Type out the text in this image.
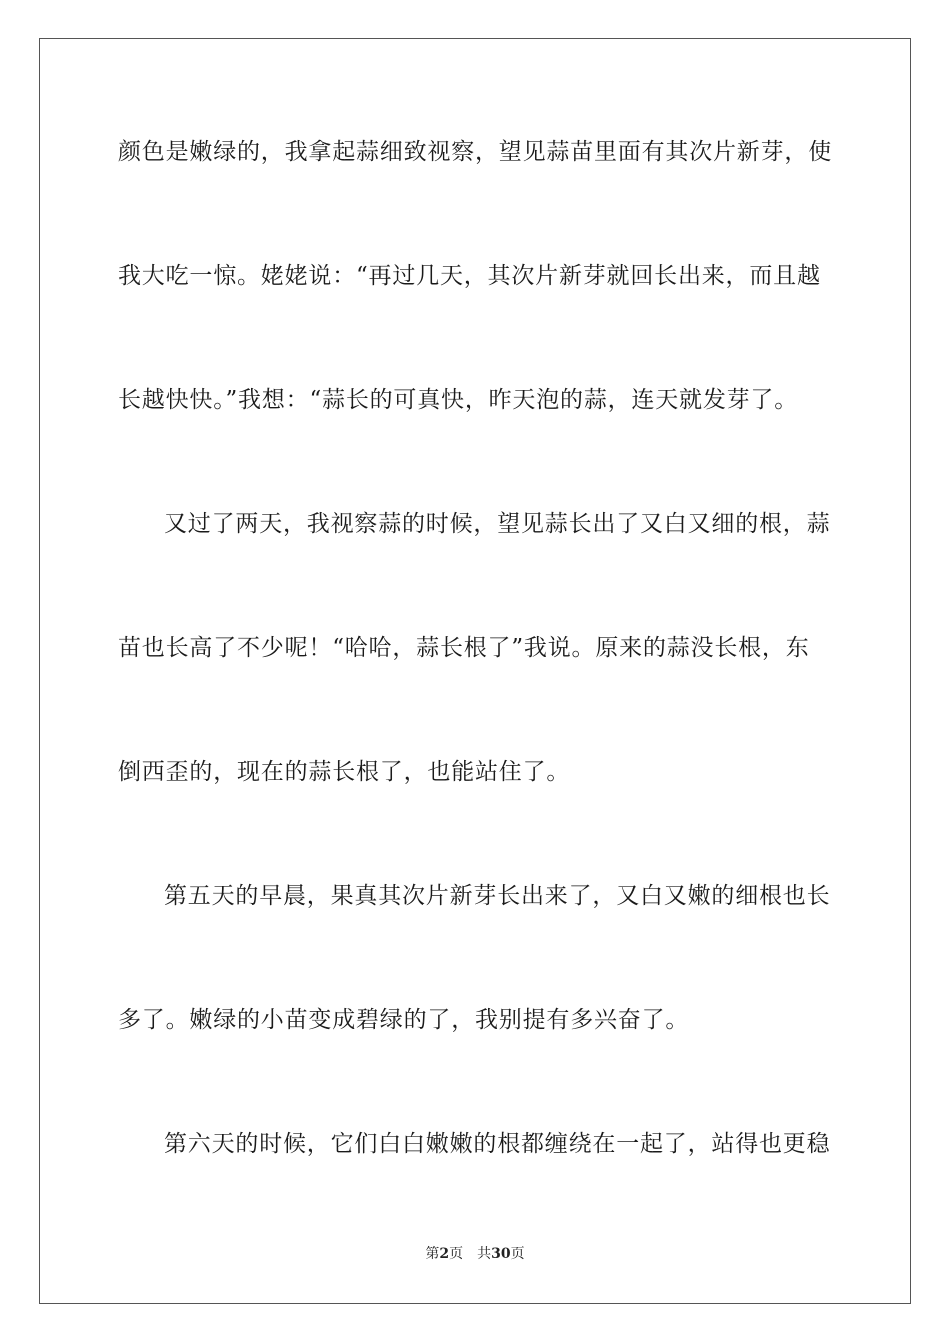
颜色是嫩绿的，我拿起蒜细致视察，望见蒜苗里面有其次片新芽，使
我大吃一惊。姥姥说：“再过几天，其次片新芽就回长出来，而且越
长越快快。”我想：“蒜长的可真快，昨天泡的蒜，连天就发芽了。
又过了两天，我视察蒜的时候，望见蒜长出了又白又细的根，蒜
苗也长高了不少呢！“哈哈，蒜长根了”我说。原来的蒜没长根，东
倒西歪的，现在的蒜长根了，也能站住了。
第五天的早晨，果真其次片新芽长出来了，又白又嫩的细根也长
多了。嫩绿的小苗变成碧绿的了，我别提有多兴奋了。
第六天的时候，它们白白嫩嫩的根都缠绕在一起了，站得也更稳
第2页 共30页
